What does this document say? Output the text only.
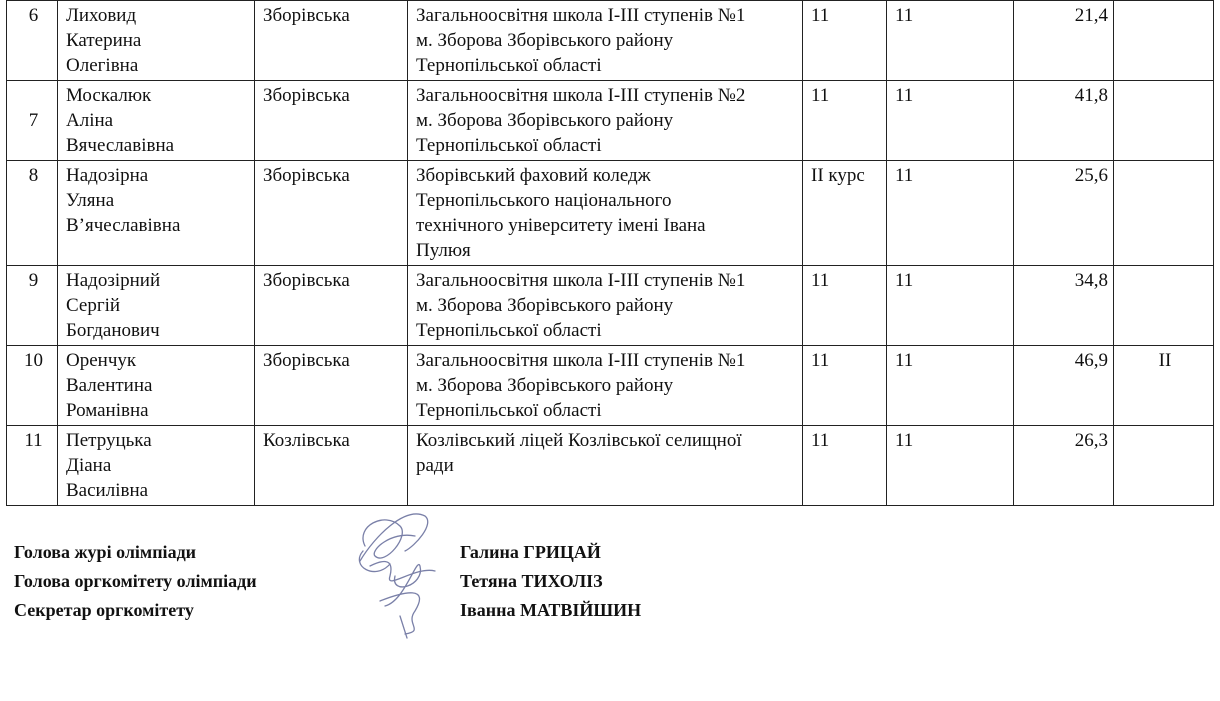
6	Лиховид
Катерина
Олегівна	Зборівська	Загальноосвітня школа І-ІІІ ступенів №1
м. Зборова Зборівського району
Тернопільської області	11	11	21,4	
7	Москалюк
Аліна
Вячеславівна	Зборівська	Загальноосвітня школа І-ІІІ ступенів №2
м. Зборова Зборівського району
Тернопільської області	11	11	41,8	
8	Надозірна
Уляна
В’ячеславівна	Зборівська	Зборівський фаховий коледж
Тернопільського національного
технічного університету імені Івана
Пулюя	ІІ курс	11	25,6	
9	Надозірний
Сергій
Богданович	Зборівська	Загальноосвітня школа І-ІІІ ступенів №1
м. Зборова Зборівського району
Тернопільської області	11	11	34,8	
10	Оренчук
Валентина
Романівна	Зборівська	Загальноосвітня школа І-ІІІ ступенів №1
м. Зборова Зборівського району
Тернопільської області	11	11	46,9	ІІ
11	Петруцька
Діана
Василівна	Козлівська	Козлівський ліцей Козлівської селищної
ради	11	11	26,3	
Голова журі олімпіади
Голова оргкомітету олімпіади
Секретар оргкомітету
Галина ГРИЦАЙ
Тетяна ТИХОЛІЗ
Іванна МАТВІЙШИН
